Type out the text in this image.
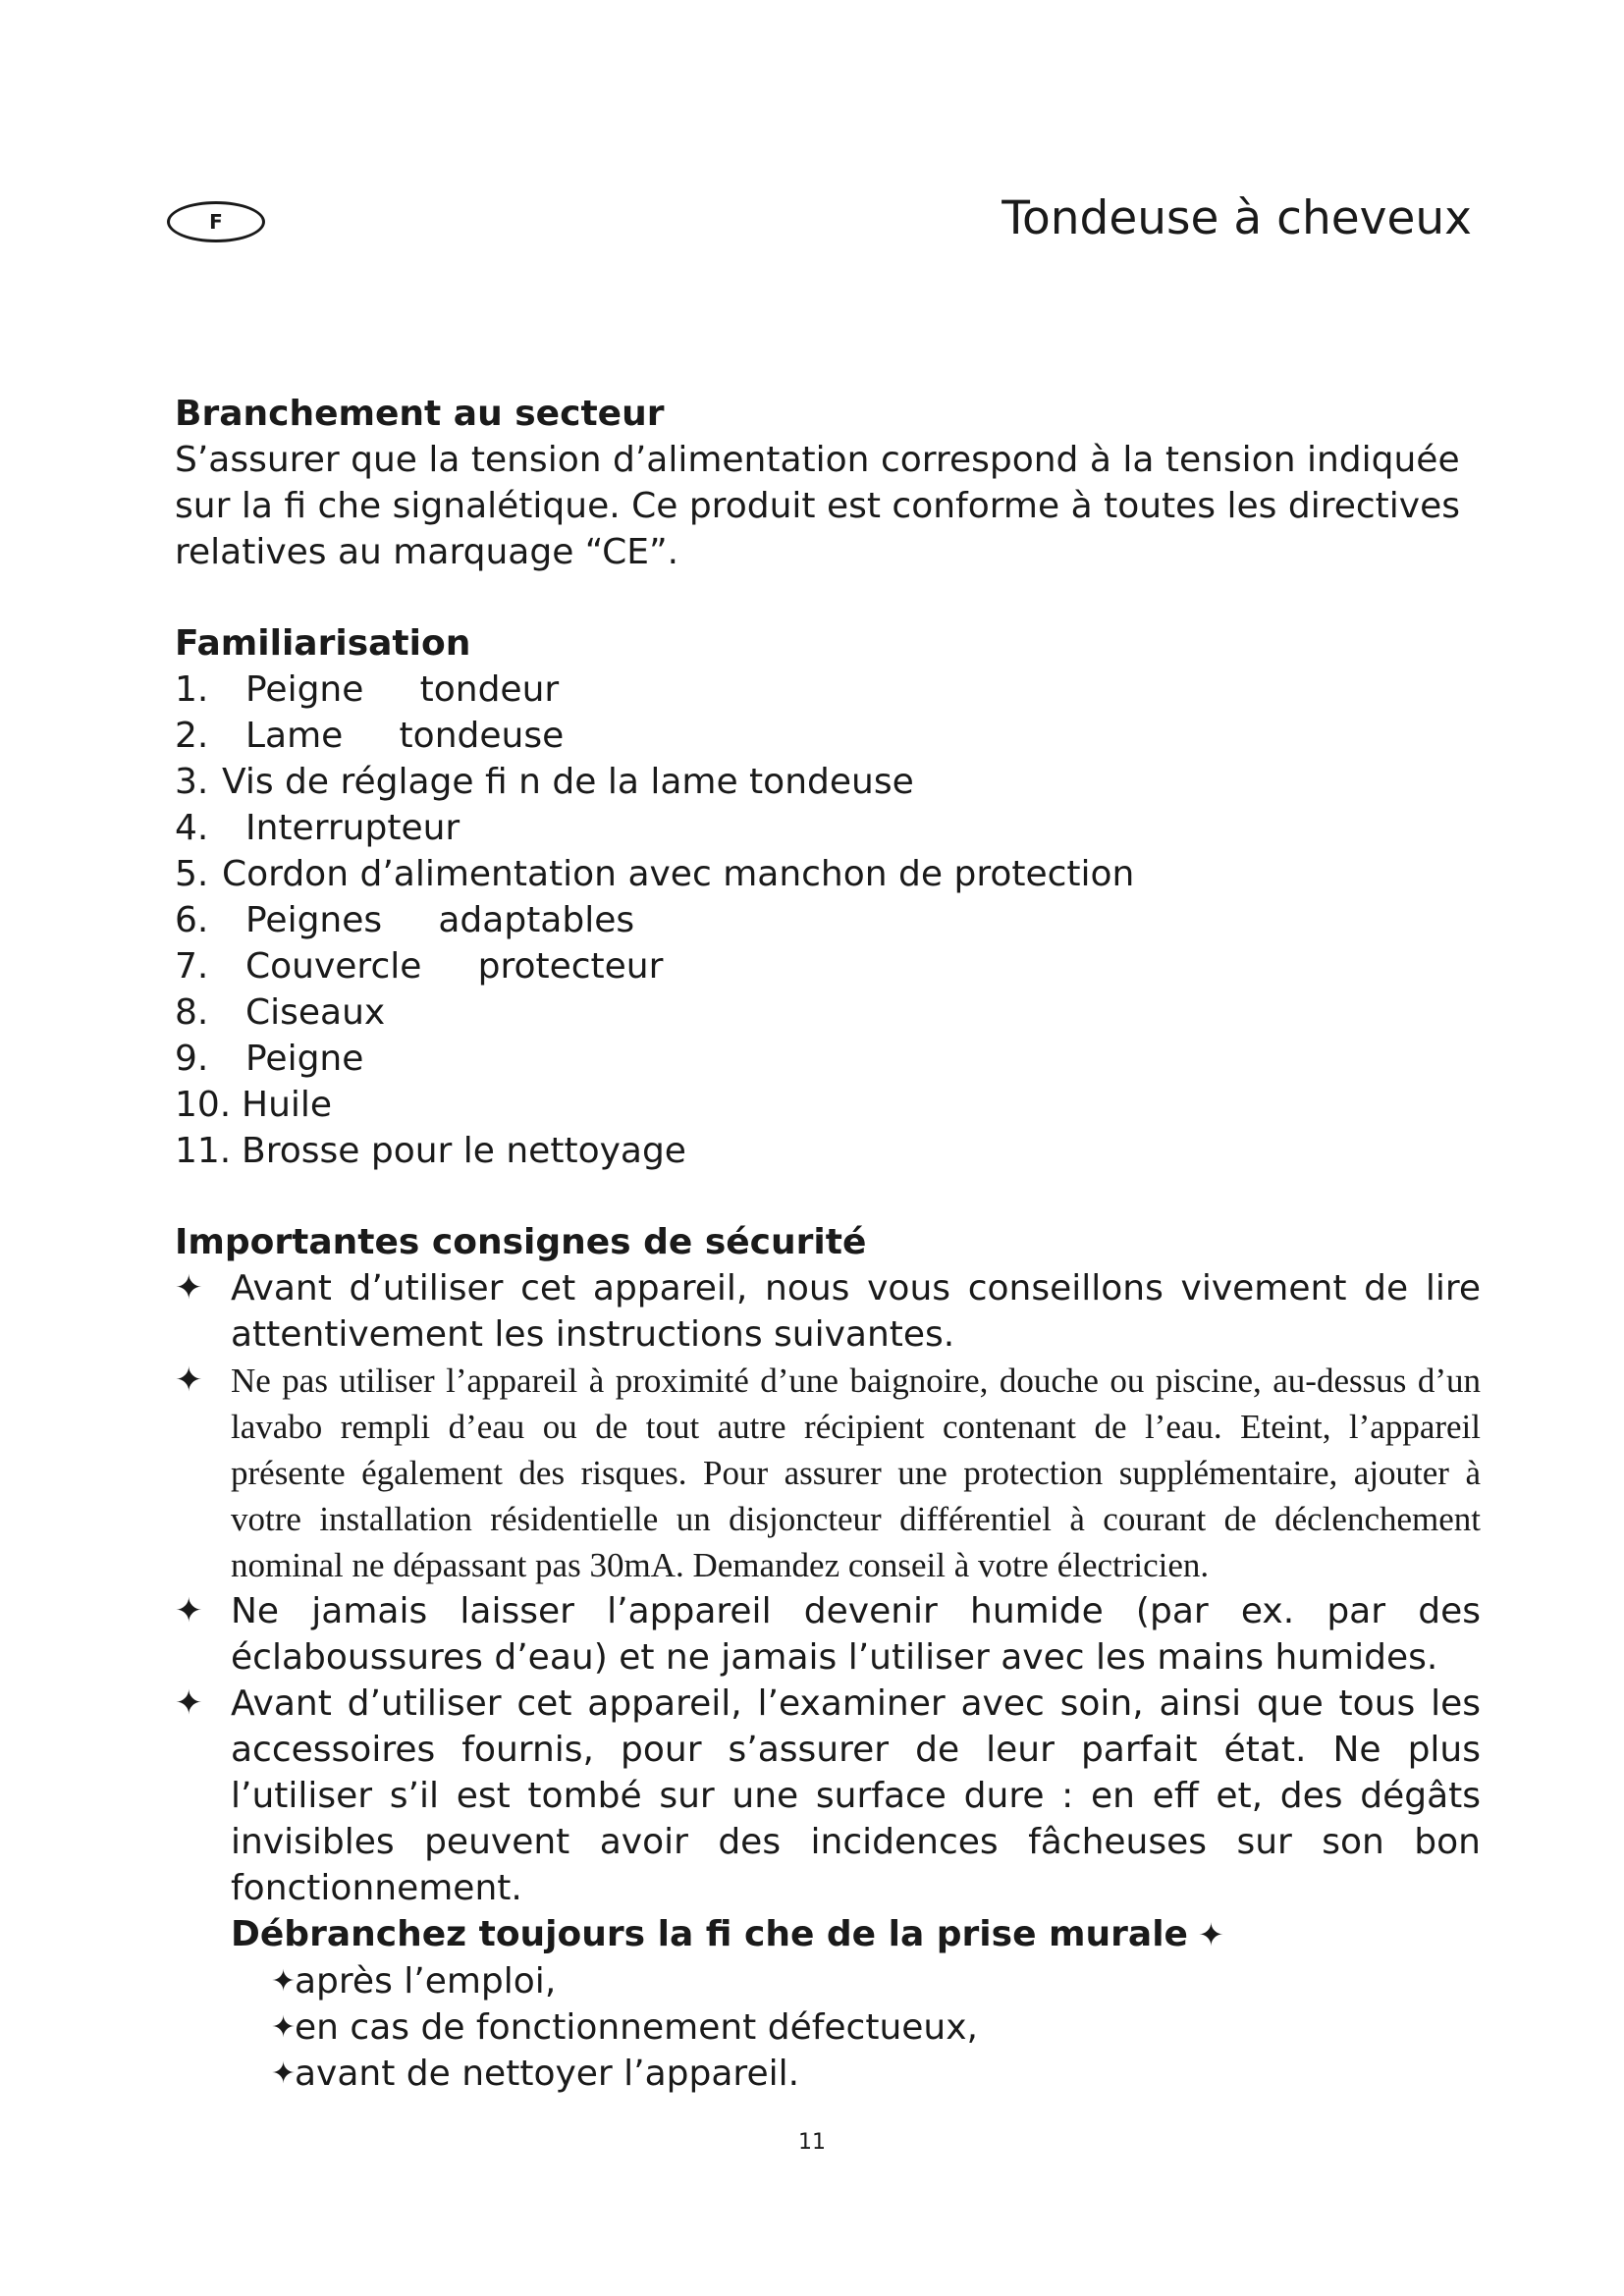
F	Tondeuse à cheveux
Branchement au secteur

S’assurer que la tension d’alimentation correspond à la tension indiquée sur la fi che signalétique. Ce produit est conforme à toutes les directives relatives au marquage “CE”.

Familiarisation
1.	Peigne     tondeur
2.	Lame     tondeuse
3. Vis de réglage fi n de la lame tondeuse
4.	Interrupteur
5. Cordon d’alimentation avec manchon de protection
6.	Peignes     adaptables
7.	Couvercle     protecteur
8.	Ciseaux
9.	Peigne
10. Huile
11. Brosse pour le nettoyage
Importantes consignes de sécurité
✦ Avant d’utiliser cet appareil, nous vous conseillons vivement de lire attentivement les instructions suivantes.
✦ Ne pas utiliser l’appareil à proximité d’une baignoire, douche ou piscine, au-dessus d’un lavabo rempli d’eau ou de tout autre récipient contenant de l’eau. Eteint, l’appareil présente également des risques. Pour assurer une protection supplémentaire, ajouter à votre installation résidentielle un disjoncteur différentiel à courant de déclenchement nominal ne dépassant pas 30mA. Demandez conseil à votre électricien.
✦ Ne jamais laisser l’appareil devenir humide (par ex. par des éclaboussures d’eau) et ne jamais l’utiliser avec les mains humides.
✦ Avant d’utiliser cet appareil, l’examiner avec soin, ainsi que tous les accessoires fournis, pour s’assurer de leur parfait état. Ne plus l’utiliser s’il est tombé sur une surface dure : en eff et, des dégâts invisibles peuvent avoir des incidences fâcheuses sur son bon fonctionnement.
Débranchez toujours la fi che de la prise murale ✦
✦
après l’emploi,
✦
en cas de fonctionnement défectueux,
✦
avant de nettoyer l’appareil.
11
